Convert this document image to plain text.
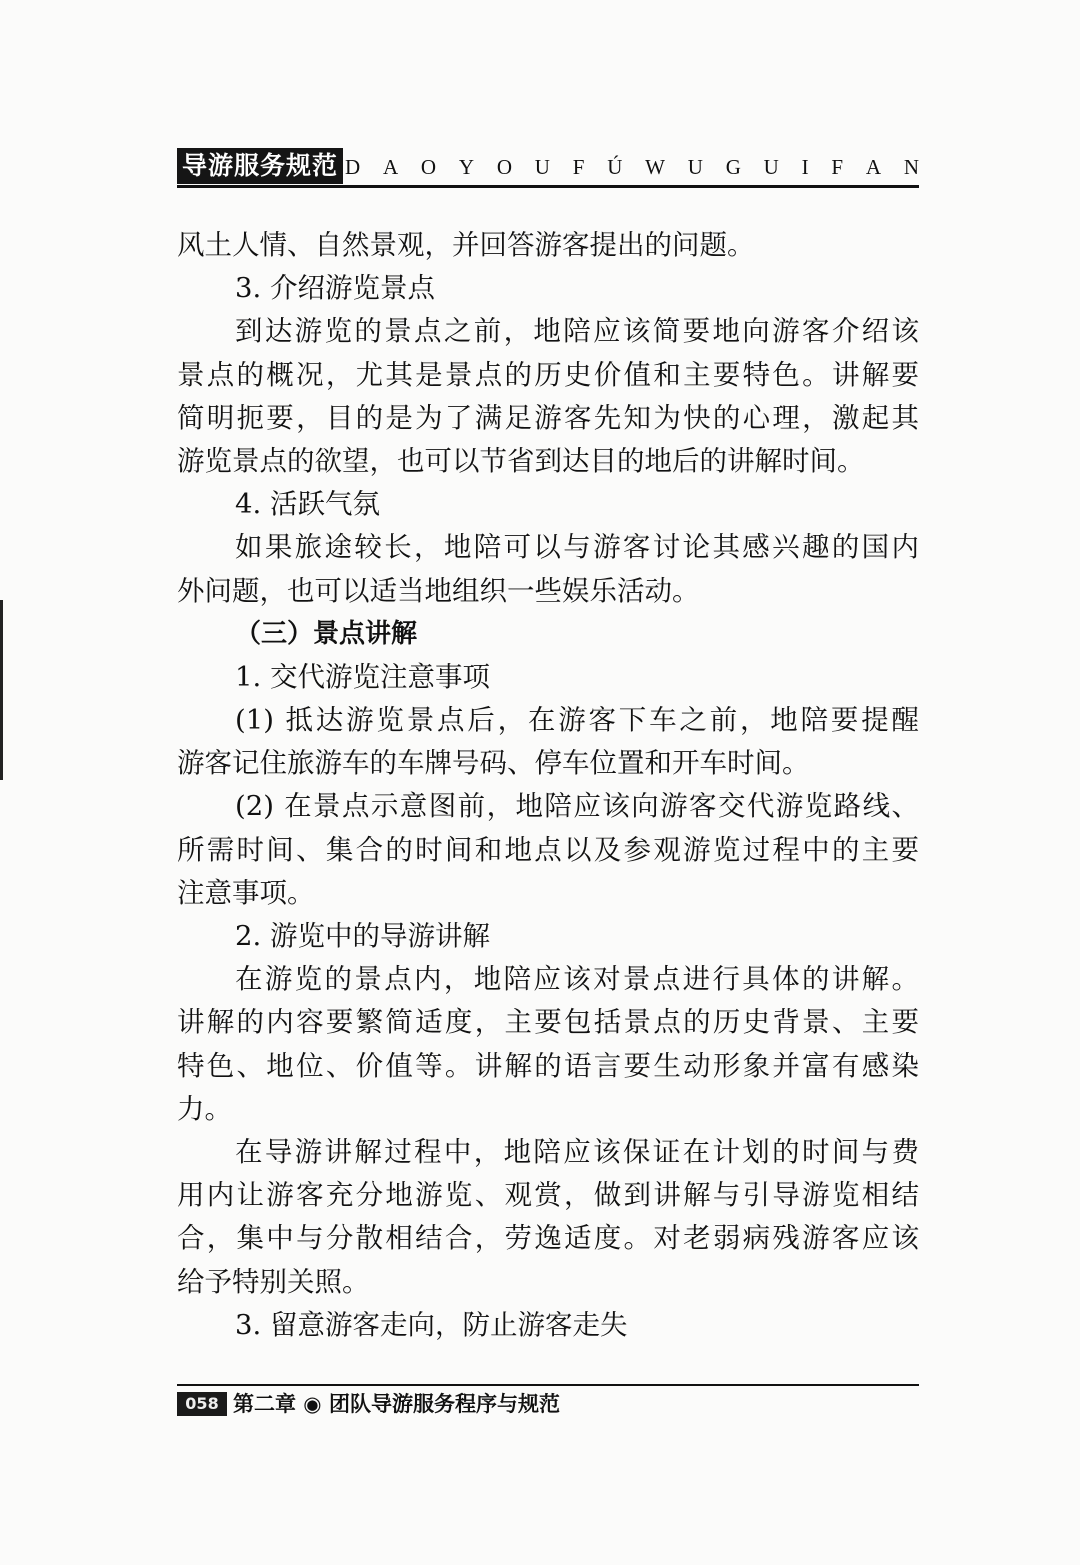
导游服务规范 D A O Y O U F Ú W U G U I F A N
风土人情、自然景观，并回答游客提出的问题。
3. 介绍游览景点
到达游览的景点之前，地陪应该简要地向游客介绍该
景点的概况，尤其是景点的历史价值和主要特色。讲解要
简明扼要，目的是为了满足游客先知为快的心理，激起其
游览景点的欲望，也可以节省到达目的地后的讲解时间。
4. 活跃气氛
如果旅途较长，地陪可以与游客讨论其感兴趣的国内
外问题，也可以适当地组织一些娱乐活动。
（三）景点讲解
1. 交代游览注意事项
(1) 抵达游览景点后，在游客下车之前，地陪要提醒
游客记住旅游车的车牌号码、停车位置和开车时间。
(2) 在景点示意图前，地陪应该向游客交代游览路线、
所需时间、集合的时间和地点以及参观游览过程中的主要
注意事项。
2. 游览中的导游讲解
在游览的景点内，地陪应该对景点进行具体的讲解。
讲解的内容要繁简适度，主要包括景点的历史背景、主要
特色、地位、价值等。讲解的语言要生动形象并富有感染
力。
在导游讲解过程中，地陪应该保证在计划的时间与费
用内让游客充分地游览、观赏，做到讲解与引导游览相结
合，集中与分散相结合，劳逸适度。对老弱病残游客应该
给予特别关照。
3. 留意游客走向，防止游客走失
058 第二章 ◉ 团队导游服务程序与规范
